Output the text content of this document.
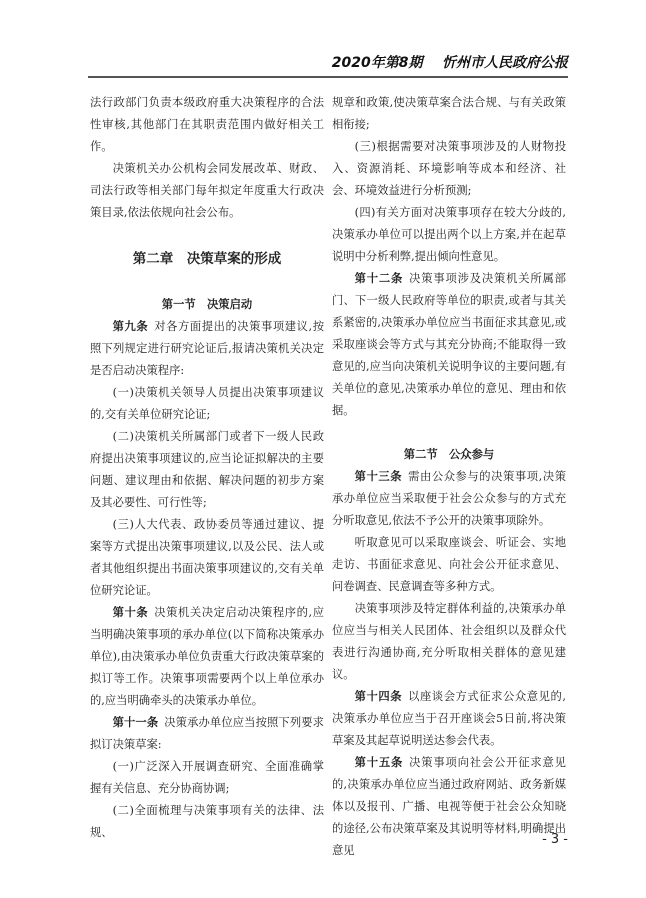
2020年第8期 忻州市人民政府公报

法行政部门负责本级政府重大决策程序的合法性审核,其他部门在其职责范围内做好相关工作。

决策机关办公机构会同发展改革、财政、司法行政等相关部门每年拟定年度重大行政决策目录,依法依规向社会公布。

第二章　决策草案的形成
第一节　决策启动

第九条 对各方面提出的决策事项建议,按照下列规定进行研究论证后,报请决策机关决定是否启动决策程序:

(一)决策机关领导人员提出决策事项建议的,交有关单位研究论证;

(二)决策机关所属部门或者下一级人民政府提出决策事项建议的,应当论证拟解决的主要问题、建议理由和依据、解决问题的初步方案及其必要性、可行性等;

(三)人大代表、政协委员等通过建议、提案等方式提出决策事项建议,以及公民、法人或者其他组织提出书面决策事项建议的,交有关单位研究论证。

第十条 决策机关决定启动决策程序的,应当明确决策事项的承办单位(以下简称决策承办单位),由决策承办单位负责重大行政决策草案的拟订等工作。决策事项需要两个以上单位承办的,应当明确牵头的决策承办单位。

第十一条 决策承办单位应当按照下列要求拟订决策草案:

(一)广泛深入开展调查研究、全面准确掌握有关信息、充分协商协调;

(二)全面梳理与决策事项有关的法律、法规、

规章和政策,使决策草案合法合规、与有关政策相衔接;

(三)根据需要对决策事项涉及的人财物投入、资源消耗、环境影响等成本和经济、社会、环境效益进行分析预测;

(四)有关方面对决策事项存在较大分歧的,决策承办单位可以提出两个以上方案,并在起草说明中分析利弊,提出倾向性意见。

第十二条 决策事项涉及决策机关所属部门、下一级人民政府等单位的职责,或者与其关系紧密的,决策承办单位应当书面征求其意见,或采取座谈会等方式与其充分协商;不能取得一致意见的,应当向决策机关说明争议的主要问题,有关单位的意见,决策承办单位的意见、理由和依据。

第二节　公众参与

第十三条 需由公众参与的决策事项,决策承办单位应当采取便于社会公众参与的方式充分听取意见,依法不予公开的决策事项除外。

听取意见可以采取座谈会、听证会、实地走访、书面征求意见、向社会公开征求意见、问卷调查、民意调查等多种方式。

决策事项涉及特定群体利益的,决策承办单位应当与相关人民团体、社会组织以及群众代表进行沟通协商,充分听取相关群体的意见建议。

第十四条 以座谈会方式征求公众意见的,决策承办单位应当于召开座谈会5日前,将决策草案及其起草说明送达参会代表。

第十五条 决策事项向社会公开征求意见的,决策承办单位应当通过政府网站、政务新媒体以及报刊、广播、电视等便于社会公众知晓的途径,公布决策草案及其说明等材料,明确提出意见

- 3 -
